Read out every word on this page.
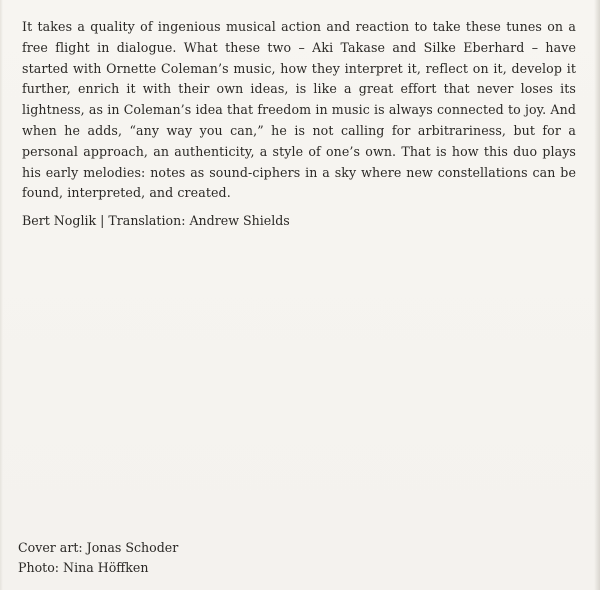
It takes a quality of ingenious musical action and reaction to take these tunes on a free flight in dialogue. What these two – Aki Takase and Silke Eberhard – have started with Ornette Coleman’s music, how they interpret it, reflect on it, develop it further, enrich it with their own ideas, is like a great effort that never loses its lightness, as in Coleman’s idea that freedom in music is always connected to joy. And when he adds, “any way you can,” he is not calling for arbitrariness, but for a personal approach, an authenticity, a style of one’s own. That is how this duo plays his early melodies: notes as sound-ciphers in a sky where new constellations can be found, interpreted, and created.

Bert Noglik | Translation: Andrew Shields

Cover art: Jonas Schoder
Photo: Nina Höffken
